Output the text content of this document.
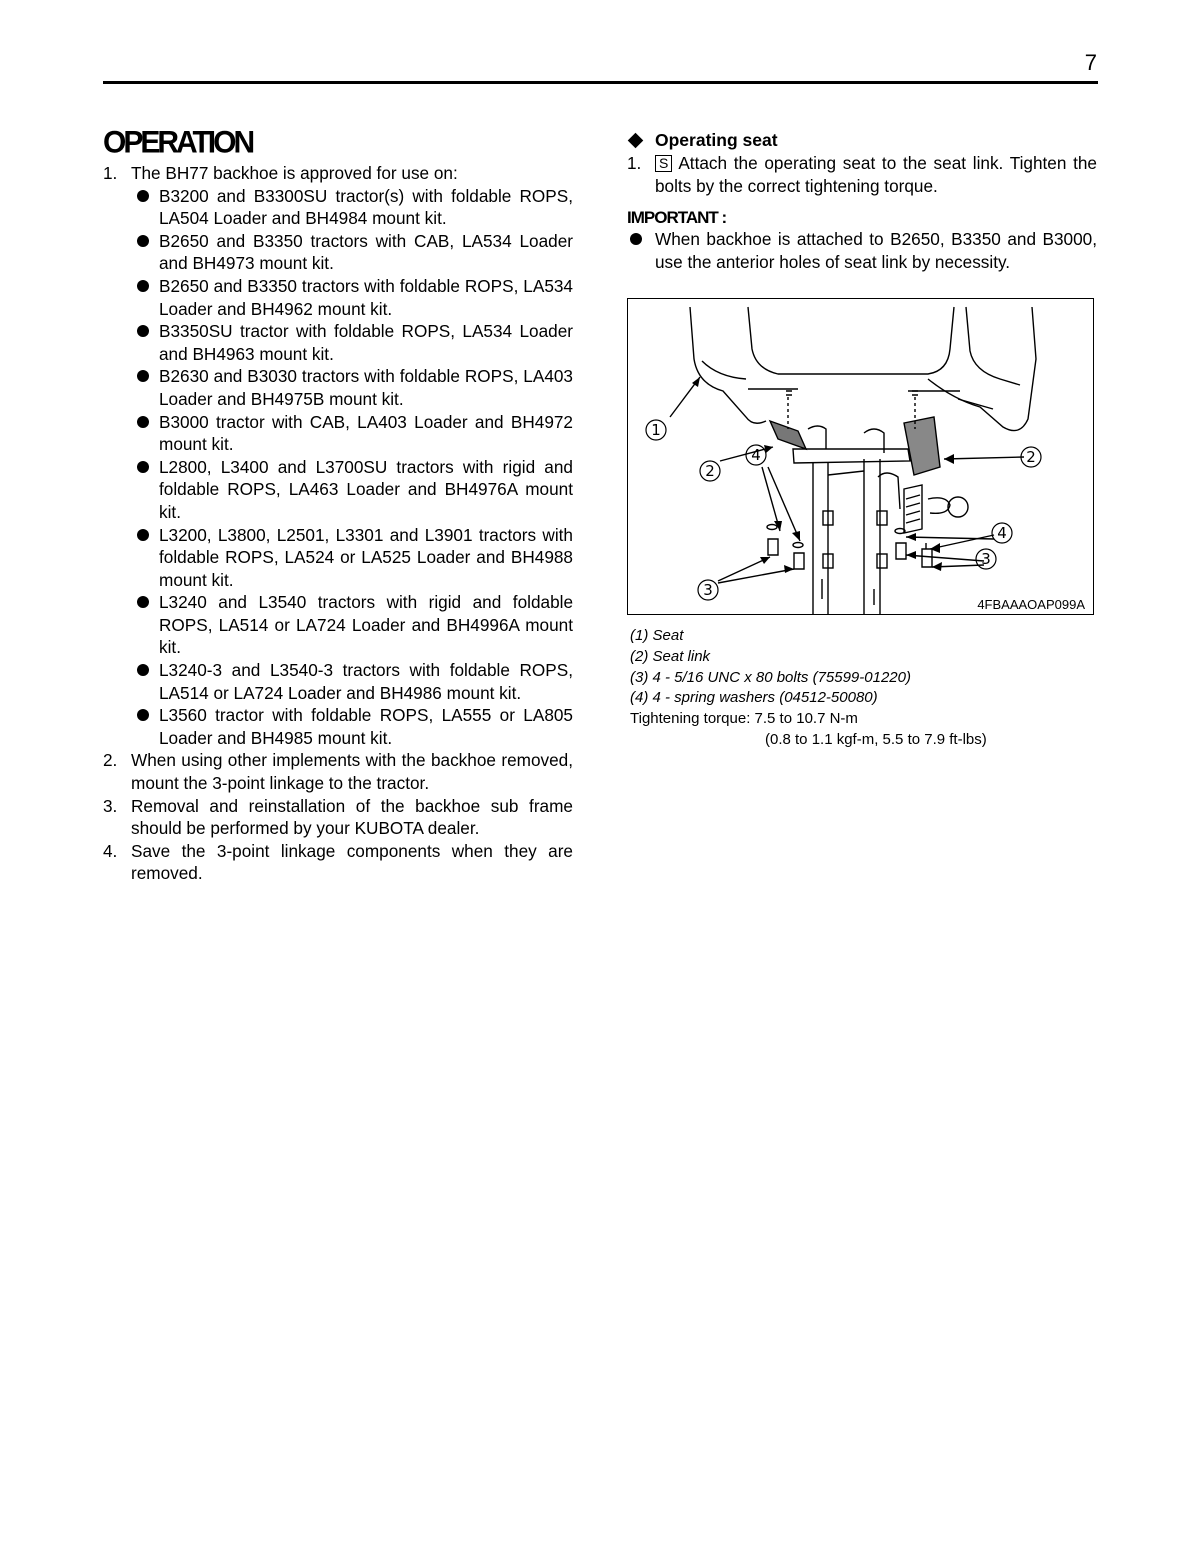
7
OPERATION
1. The BH77 backhoe is approved for use on:
B3200 and B3300SU tractor(s) with foldable ROPS, LA504 Loader and BH4984 mount kit.
B2650 and B3350 tractors with CAB, LA534 Loader and BH4973 mount kit.
B2650 and B3350 tractors with foldable ROPS, LA534 Loader and BH4962 mount kit.
B3350SU tractor with foldable ROPS, LA534 Loader and BH4963 mount kit.
B2630 and B3030 tractors with foldable ROPS, LA403 Loader and BH4975B mount kit.
B3000 tractor with CAB, LA403 Loader and BH4972 mount kit.
L2800, L3400 and L3700SU tractors with rigid and foldable ROPS, LA463 Loader and BH4976A mount kit.
L3200, L3800, L2501, L3301 and L3901 tractors with foldable ROPS, LA524 or LA525 Loader and BH4988 mount kit.
L3240 and L3540 tractors with rigid and foldable ROPS, LA514 or LA724 Loader and BH4996A mount kit.
L3240-3 and L3540-3 tractors with foldable ROPS, LA514 or LA724 Loader and BH4986 mount kit.
L3560 tractor with foldable ROPS, LA555 or LA805 Loader and BH4985 mount kit.
2. When using other implements with the backhoe removed, mount the 3-point linkage to the tractor.
3. Removal and reinstallation of the backhoe sub frame should be performed by your KUBOTA dealer.
4. Save the 3-point linkage components when they are removed.
Operating seat
1. S Attach the operating seat to the seat link. Tighten the bolts by the correct tightening torque.
IMPORTANT :
When backhoe is attached to B2650, B3350 and B3000, use the anterior holes of seat link by necessity.
1
2
4	2
4
3
3
4FBAAAOAP099A
(1) Seat
(2) Seat link
(3) 4 - 5/16 UNC x 80 bolts (75599-01220)
(4) 4 - spring washers (04512-50080)
Tightening torque: 7.5 to 10.7 N-m
(0.8 to 1.1 kgf-m, 5.5 to 7.9 ft-lbs)
